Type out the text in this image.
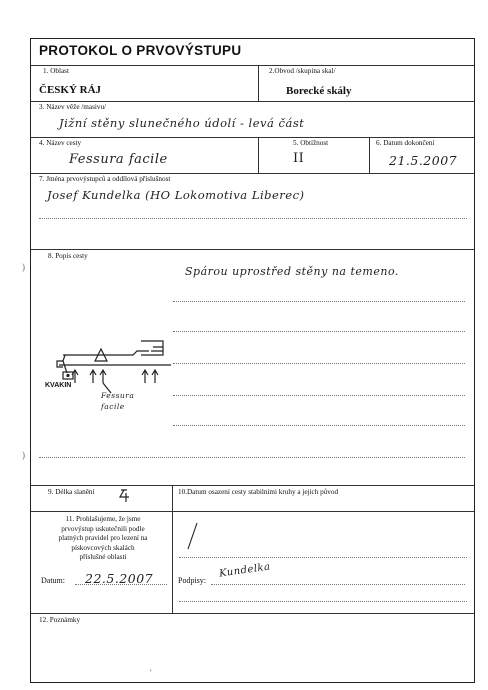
)
)
'
PROTOKOL O PRVOVÝSTUPU
1. Oblast
ČESKÝ RÁJ
2.Obvod /skupina skal/
Borecké skály
3. Název věže /masivu/
Jižní stěny slunečného údolí - levá část
4. Název cesty
Fessura facile
5. Obtížnost
II
6. Datum dokončení
21.5.2007
7. Jména prvovýstupců a oddílová příslušnost
Josef Kundelka (HO Lokomotiva Liberec)
8. Popis cesty
Spárou uprostřed stěny na temeno.
KVAKIN
Fessura facile
9. Délka slanění	10.Datum osazení cesty stabilními kruhy a jejich původ
11. Prohlašujeme, že jsme
prvovýstup uskutečnili podle
platných pravidel pro lezení na
pískovcových skalách
příslušné oblasti
Datum: 22.5.2007	Podpisy:
Kundelka
12. Poznámky
